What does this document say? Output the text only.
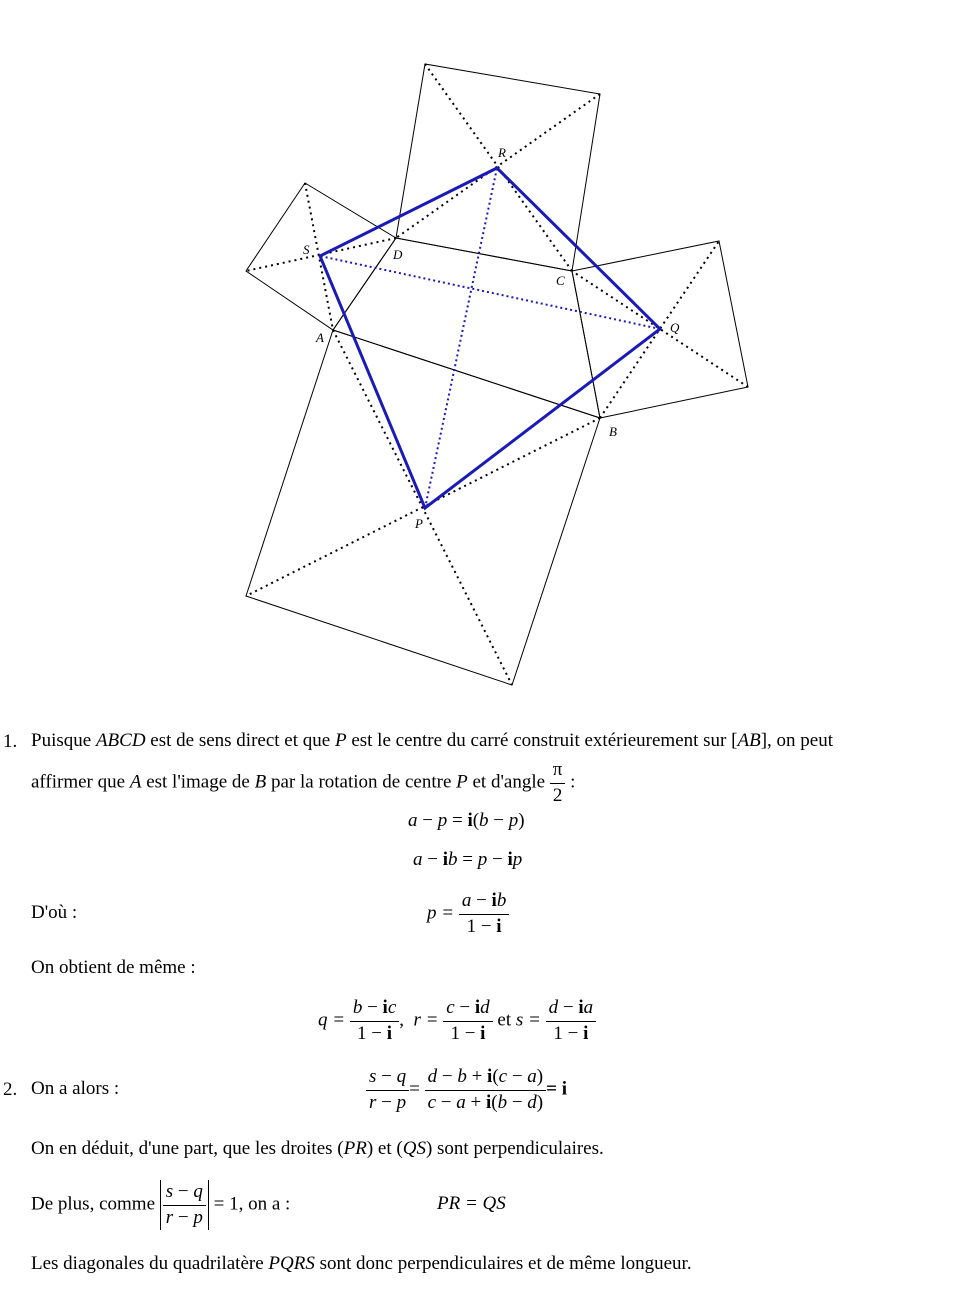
R
S	D
C
Q
A
B
P
1. Puisque ABCD est de sens direct et que P est le centre du carré construit extérieurement sur [AB], on peut
affirmer que A est l'image de B par la rotation de centre P et d'angle $\frac{\pi}{2}$ :
a − p = i(b − p)
a − ib = p − ip
D'où :	$p = \frac{a - ib}{1 - i}$
On obtient de même :
$q = \frac{b - ic}{1 - i}$ ,  $r = \frac{c - id}{1 - i}$ et $s = \frac{d - ia}{1 - i}$
2. On a alors :	$\frac{s - q}{r - p} = \frac{d - b + i(c - a)}{c - a + i(b - d)} = i$
On en déduit, d'une part, que les droites (PR) et (QS) sont perpendiculaires.
De plus, comme $\frac{s - q}{r - p} = 1$, on a :	PR = QS
Les diagonales du quadrilatère PQRS sont donc perpendiculaires et de même longueur.
